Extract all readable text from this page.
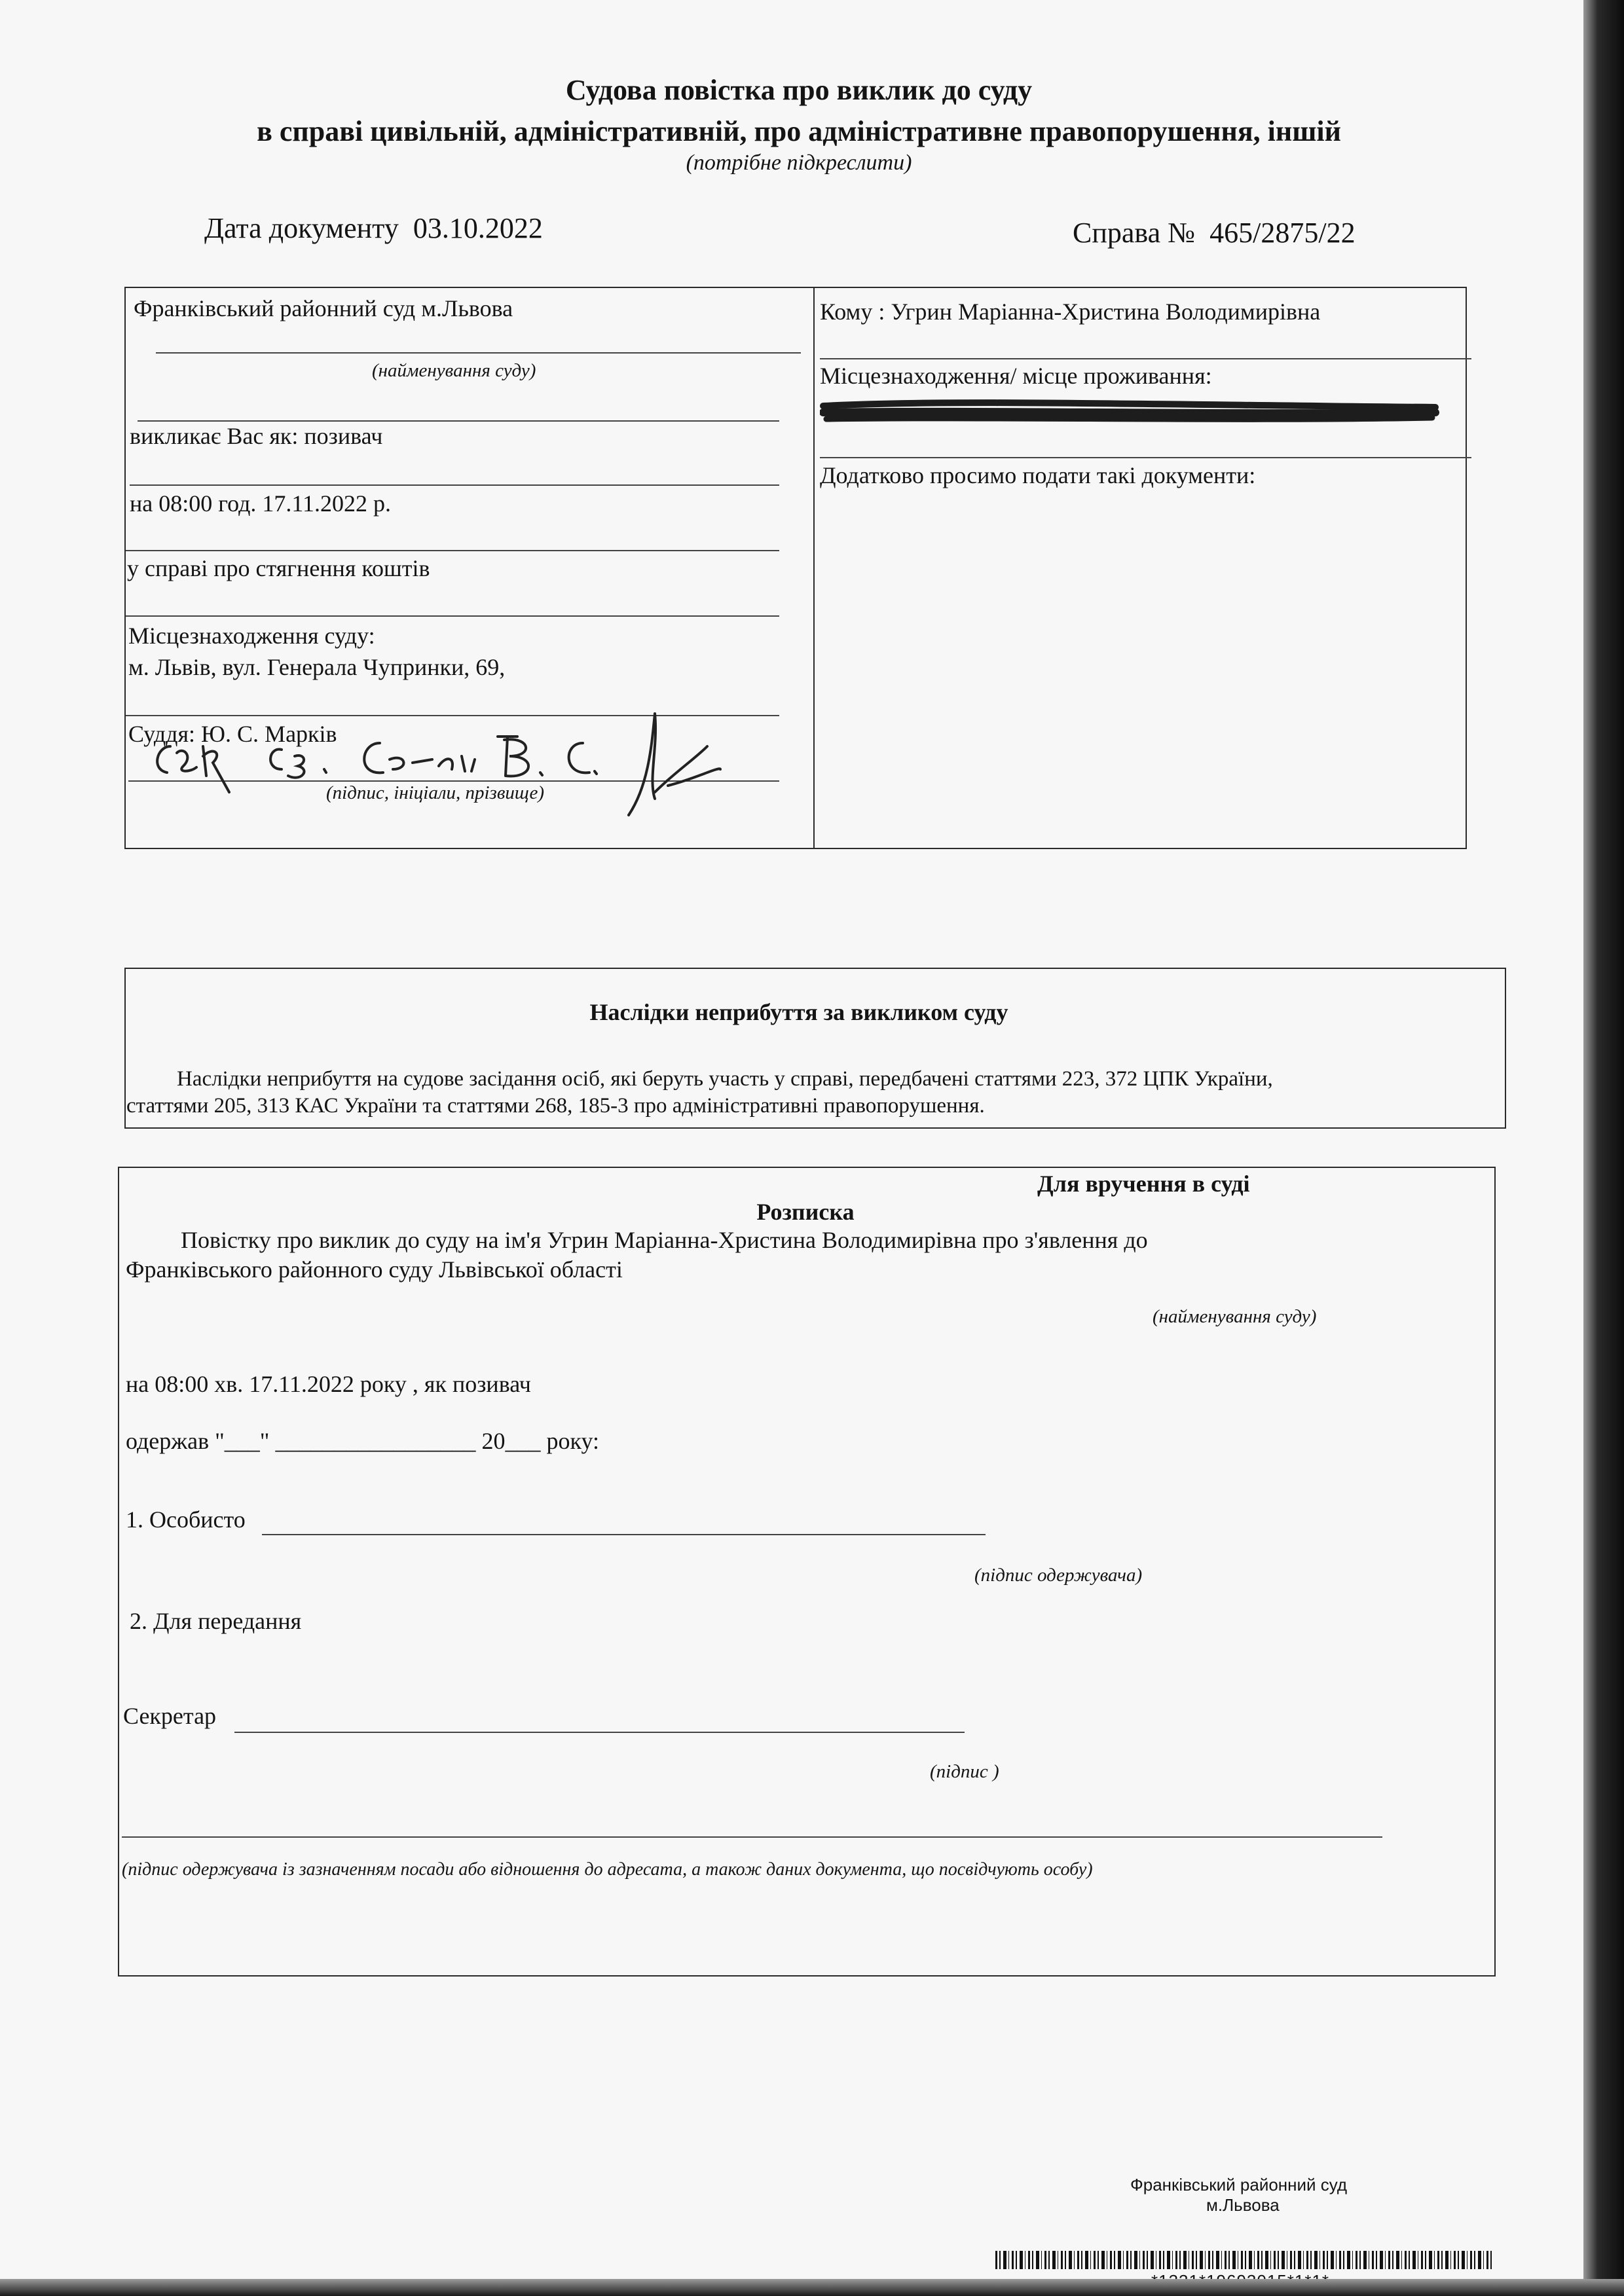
Судова повістка про виклик до суду
в справі цивільній, адміністративній, про адміністративне правопорушення, іншій
(потрібне підкреслити)
Дата документу 03.10.2022	Справа № 465/2875/22
Франківський районний суд м.Львова
(найменування суду)
викликає Вас як: позивач
на 08:00 год. 17.11.2022 р.
у справі про стягнення коштів
Місцезнаходження суду:
м. Львів, вул. Генерала Чупринки, 69,
Суддя: Ю. С. Марків
(підпис, ініціали, прізвище)
Кому : Угрин Маріанна-Христина Володимирівна
Місцезнаходження/ місце проживання:
Додатково просимо подати такі документи:
Наслідки неприбуття за викликом суду
Наслідки неприбуття на судове засідання осіб, які беруть участь у справі, передбачені статтями 223, 372 ЦПК України,
статтями 205, 313 КАС України та статтями 268, 185-3 про адміністративні правопорушення.
Для вручення в суді
Розписка
Повістку про виклик до суду на ім'я Угрин Маріанна-Христина Володимирівна про з'явлення до
Франківського районного суду Львівської області
(найменування суду)
на 08:00 хв. 17.11.2022 року , як позивач
одержав "___" _________________ 20___ року:
1. Особисто
(підпис одержувача)
2. Для передання
Секретар
(підпис )
(підпис одержувача із зазначенням посади або відношення до адресата, а також даних документа, що посвідчують особу)
Франківський районний суд
м.Львова
